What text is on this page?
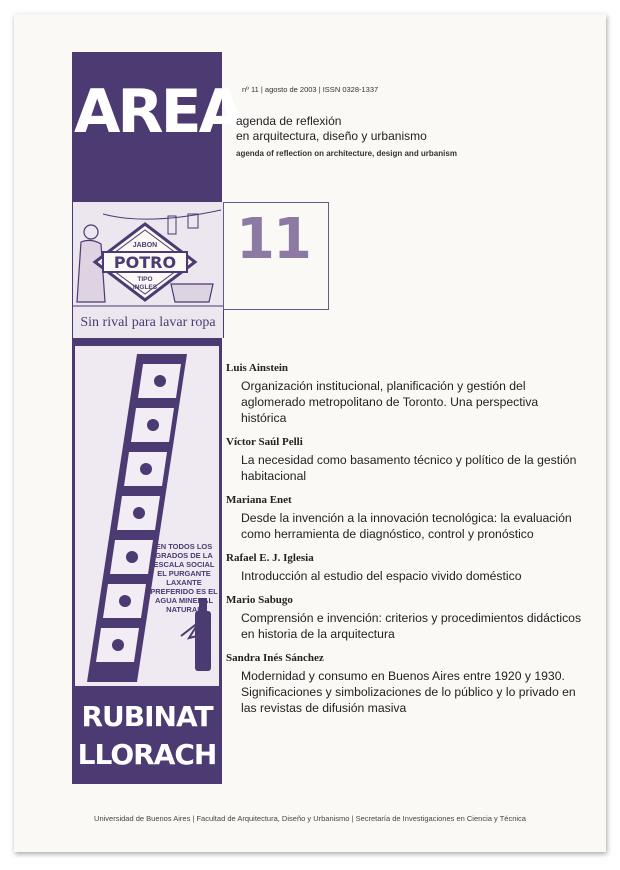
AREA
JABON
POTRO
TIPO
INGLES
Sin rival para lavar ropa
EN TODOS LOS GRADOS DE LA ESCALA SOCIAL EL PURGANTE LAXANTE PREFERIDO ES EL AGUA MINERAL NATURAL
RUBINAT
LLORACH
nº 11 | agosto de 2003 | ISSN 0328-1337
agenda de reflexión
en arquitectura, diseño y urbanismo
agenda of reflection on architecture, design and urbanism
11
Luis Ainstein
Organización institucional, planificación y gestión del aglomerado metropolitano de Toronto. Una perspectiva histórica
Víctor Saúl Pelli
La necesidad como basamento técnico y político de la gestión habitacional
Mariana Enet
Desde la invención a la innovación tecnológica: la evaluación como herramienta de diagnóstico, control y pronóstico
Rafael E. J. Iglesia
Introducción al estudio del espacio vivido doméstico
Mario Sabugo
Comprensión e invención: criterios y procedimientos didácticos en historia de la arquitectura
Sandra Inés Sánchez
Modernidad y consumo en Buenos Aires entre 1920 y 1930. Significaciones y simbolizaciones de lo público y lo privado en las revistas de difusión masiva
Universidad de Buenos Aires | Facultad de Arquitectura, Diseño y Urbanismo | Secretaría de Investigaciones en Ciencia y Técnica
